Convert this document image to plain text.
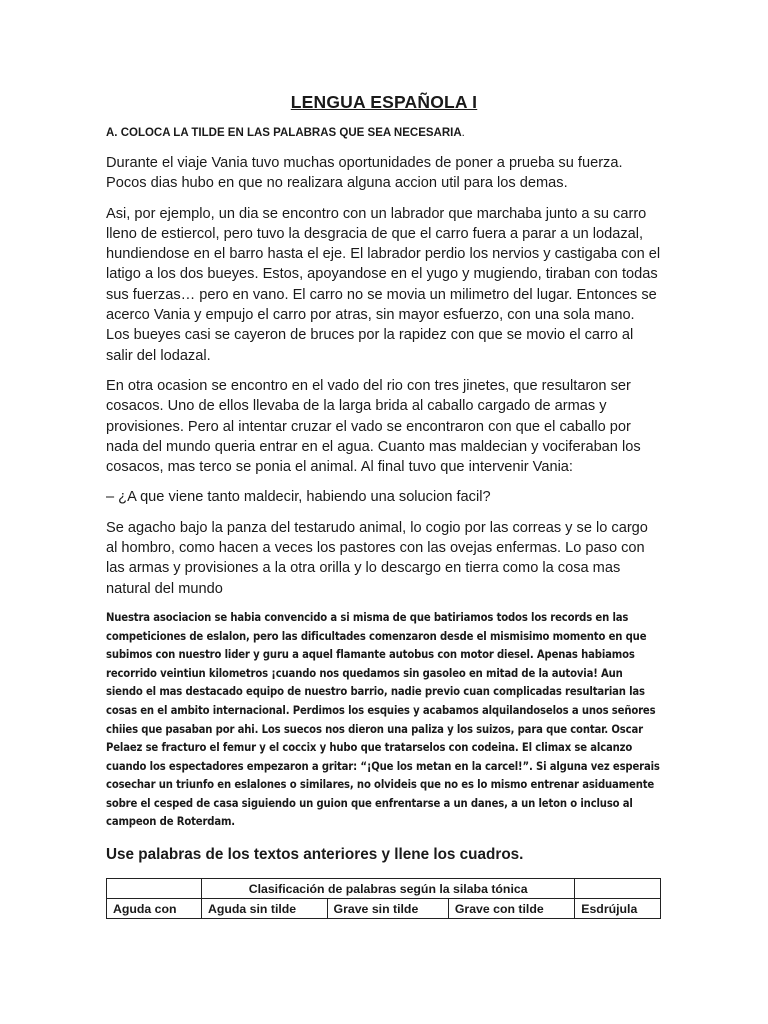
LENGUA ESPAÑOLA I

A. COLOCA LA TILDE EN LAS PALABRAS QUE SEA NECESARIA.

Durante el viaje Vania tuvo muchas oportunidades de poner a prueba su fuerza. Pocos dias hubo en que no realizara alguna accion util para los demas.

Asi, por ejemplo, un dia se encontro con un labrador que marchaba junto a su carro lleno de estiercol, pero tuvo la desgracia de que el carro fuera a parar a un lodazal, hundiendose en el barro hasta el eje. El labrador perdio los nervios y castigaba con el latigo a los dos bueyes. Estos, apoyandose en el yugo y mugiendo, tiraban con todas sus fuerzas… pero en vano. El carro no se movia un milimetro del lugar. Entonces se acerco Vania y empujo el carro por atras, sin mayor esfuerzo, con una sola mano. Los bueyes casi se cayeron de bruces por la rapidez con que se movio el carro al salir del lodazal.

En otra ocasion se encontro en el vado del rio con tres jinetes, que resultaron ser cosacos. Uno de ellos llevaba de la larga brida al caballo cargado de armas y provisiones. Pero al intentar cruzar el vado se encontraron con que el caballo por nada del mundo queria entrar en el agua. Cuanto mas maldecian y vociferaban los cosacos, mas terco se ponia el animal. Al final tuvo que intervenir Vania:

– ¿A que viene tanto maldecir, habiendo una solucion facil?

Se agacho bajo la panza del testarudo animal, lo cogio por las correas y se lo cargo al hombro, como hacen a veces los pastores con las ovejas enfermas. Lo paso con las armas y provisiones a la otra orilla y lo descargo en tierra como la cosa mas natural del mundo

Nuestra asociacion se habia convencido a si misma de que batiriamos todos los records en las competiciones de eslalon, pero las dificultades comenzaron desde el mismisimo momento en que subimos con nuestro lider y guru a aquel flamante autobus con motor diesel. Apenas habiamos recorrido veintiun kilometros ¡cuando nos quedamos sin gasoleo en mitad de la autovia! Aun siendo el mas destacado equipo de nuestro barrio, nadie previo cuan complicadas resultarian las cosas en el ambito internacional. Perdimos los esquies y acabamos alquilandoselos a unos señores chiies que pasaban por ahi. Los suecos nos dieron una paliza y los suizos, para que contar. Oscar Pelaez se fracturo el femur y el coccix y hubo que tratarselos con codeina. El climax se alcanzo cuando los espectadores empezaron a gritar: “¡Que los metan en la carcel!”. Si alguna vez esperais cosechar un triunfo en eslalones o similares, no olvideis que no es lo mismo entrenar asiduamente sobre el cesped de casa siguiendo un guion que enfrentarse a un danes, a un leton o incluso al campeon de Roterdam.

Use palabras de los textos anteriores y llene los cuadros.

	Clasificación de palabras según la silaba tónica			
Aguda con	Aguda sin tilde	Grave sin tilde	Grave con tilde	Esdrújula
